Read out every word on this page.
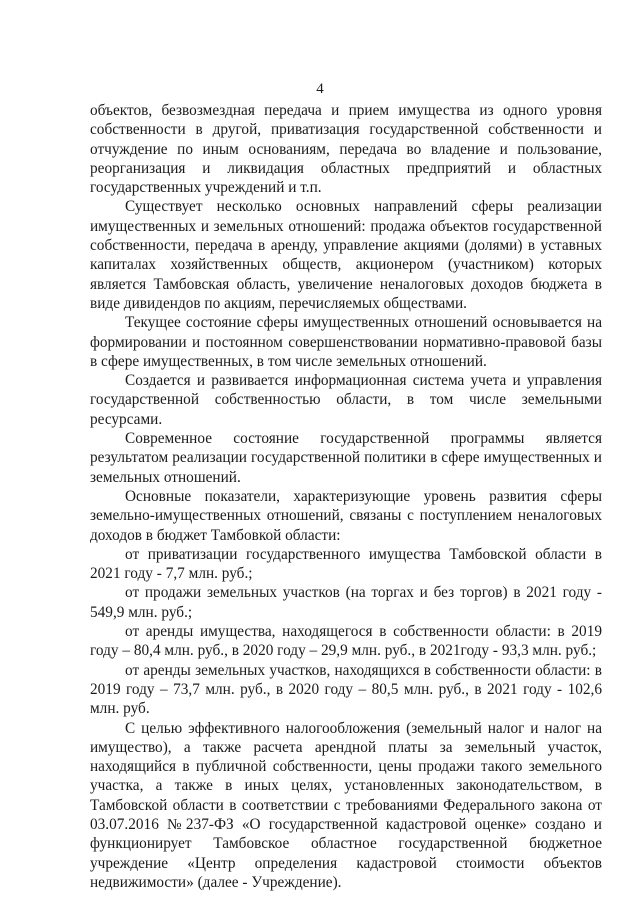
4

объектов, безвозмездная передача и прием имущества из одного уровня собственности в другой, приватизация государственной собственности и отчуждение по иным основаниям, передача во владение и пользование, реорганизация и ликвидация областных предприятий и областных государственных учреждений и т.п.

Существует несколько основных направлений сферы реализации имущественных и земельных отношений: продажа объектов государственной собственности, передача в аренду, управление акциями (долями) в уставных капиталах хозяйственных обществ, акционером (участником) которых является Тамбовская область, увеличение неналоговых доходов бюджета в виде дивидендов по акциям, перечисляемых обществами.

Текущее состояние сферы имущественных отношений основывается на формировании и постоянном совершенствовании нормативно-правовой базы в сфере имущественных, в том числе земельных отношений.

Создается и развивается информационная система учета и управления государственной собственностью области, в том числе земельными ресурсами.

Современное состояние государственной программы является результатом реализации государственной политики в сфере имущественных и земельных отношений.

Основные показатели, характеризующие уровень развития сферы земельно-имущественных отношений, связаны с поступлением неналоговых доходов в бюджет Тамбовкой области:

от приватизации государственного имущества Тамбовской области в 2021 году - 7,7 млн. руб.;

от продажи земельных участков (на торгах и без торгов) в 2021 году - 549,9 млн. руб.;

от аренды имущества, находящегося в собственности области: в 2019 году – 80,4 млн. руб., в 2020 году – 29,9 млн. руб., в 2021году - 93,3 млн. руб.;

от аренды земельных участков, находящихся в собственности области: в 2019 году – 73,7 млн. руб., в 2020 году – 80,5 млн. руб., в 2021 году - 102,6 млн. руб.

С целью эффективного налогообложения (земельный налог и налог на имущество), а также расчета арендной платы за земельный участок, находящийся в публичной собственности, цены продажи такого земельного участка, а также в иных целях, установленных законодательством, в Тамбовской области в соответствии с требованиями Федерального закона от 03.07.2016 №237-ФЗ «О государственной кадастровой оценке» создано и функционирует Тамбовское областное государственной бюджетное учреждение «Центр определения кадастровой стоимости объектов недвижимости» (далее - Учреждение).
